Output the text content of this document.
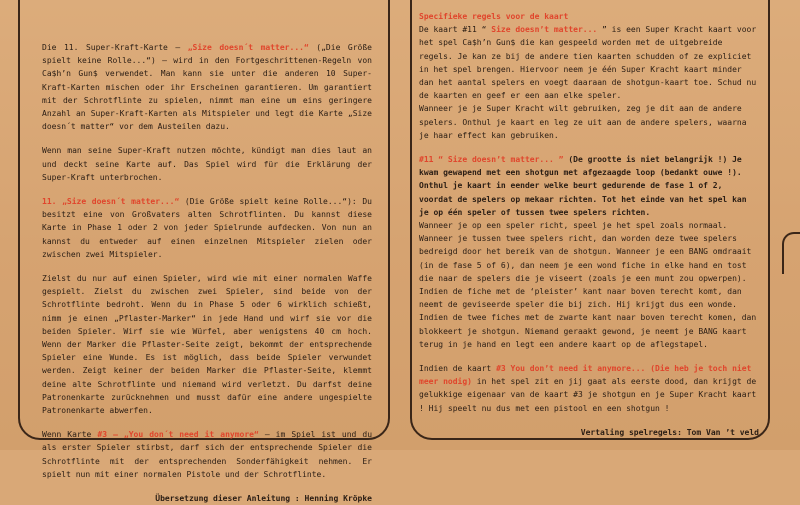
Die 11. Super-Kraft-Karte – „Size doesn´t matter...“ („Die Größe spielt keine Rolle...“) – wird in den Fortgeschrittenen-Regeln von Ca$h’n Gun$ verwendet. Man kann sie unter die anderen 10 Super-Kraft-Karten mischen oder ihr Erscheinen garantieren. Um garantiert mit der Schrotflinte zu spielen, nimmt man eine um eins geringere Anzahl an Super-Kraft-Karten als Mitspieler und legt die Karte „Size doesn´t matter“ vor dem Austeilen dazu.

Wenn man seine Super-Kraft nutzen möchte, kündigt man dies laut an und deckt seine Karte auf. Das Spiel wird für die Erklärung der Super-Kraft unterbrochen.

11. „Size doesn´t matter...“ (Die Größe spielt keine Rolle...“): Du besitzt eine von Großvaters alten Schrotflinten. Du kannst diese Karte in Phase 1 oder 2 von jeder Spielrunde aufdecken. Von nun an kannst du entweder auf einen einzelnen Mitspieler zielen oder zwischen zwei Mitspieler.

Zielst du nur auf einen Spieler, wird wie mit einer normalen Waffe gespielt. Zielst du zwischen zwei Spieler, sind beide von der Schrotflinte bedroht. Wenn du in Phase 5 oder 6 wirklich schießt, nimm je einen „Pflaster-Marker“ in jede Hand und wirf sie vor die beiden Spieler. Wirf sie wie Würfel, aber wenigstens 40 cm hoch. Wenn der Marker die Pflaster-Seite zeigt, bekommt der entsprechende Spieler eine Wunde. Es ist möglich, dass beide Spieler verwundet werden. Zeigt keiner der beiden Marker die Pflaster-Seite, klemmt deine alte Schrotflinte und niemand wird verletzt. Du darfst deine Patronenkarte zurücknehmen und musst dafür eine andere ungespielte Patronenkarte abwerfen.

Wenn Karte #3 – „You don´t need it anymore“ – im Spiel ist und du als erster Spieler stirbst, darf sich der entsprechende Spieler die Schrotflinte mit der entsprechenden Sonderfähigkeit nehmen. Er spielt nun mit einer normalen Pistole und der Schrotflinte.

Übersetzung dieser Anleitung : Henning Kröpke

Specifieke regels voor de kaart
De kaart #11 “ Size doesn’t matter... ” is een Super Kracht kaart voor het spel Ca$h’n Gun$ die kan gespeeld worden met de uitgebreide regels. Je kan ze bij de andere tien kaarten schudden of ze expliciet in het spel brengen. Hiervoor neem je één Super Kracht kaart minder dan het aantal spelers en voegt daaraan de shotgun-kaart toe. Schud nu de kaarten en geef er een aan elke speler.
Wanneer je je Super Kracht wilt gebruiken, zeg je dit aan de andere spelers. Onthul je kaart en leg ze uit aan de andere spelers, waarna je haar effect kan gebruiken.

#11 “ Size doesn’t matter... ” (De grootte is niet belangrijk !) Je kwam gewapend met een shotgun met afgezaagde loop (bedankt ouwe !). Onthul je kaart in eender welke beurt gedurende de fase 1 of 2, voordat de spelers op mekaar richten. Tot het einde van het spel kan je op één speler of tussen twee spelers richten.
Wanneer je op een speler richt, speel je het spel zoals normaal.
Wanneer je tussen twee spelers richt, dan worden deze twee spelers bedreigd door het bereik van de shotgun. Wanneer je een BANG omdraait (in de fase 5 of 6), dan neem je een wond fiche in elke hand en tost die naar de spelers die je viseert (zoals je een munt zou opwerpen). Indien de fiche met de ‘pleister’ kant naar boven terecht komt, dan neemt de geviseerde speler die bij zich. Hij krijgt dus een wonde. Indien de twee fiches met de zwarte kant naar boven terecht komen, dan blokkeert je shotgun. Niemand geraakt gewond, je neemt je BANG kaart terug in je hand en legt een andere kaart op de aflegstapel.

Indien de kaart #3 You don’t need it anymore... (Die heb je toch niet meer nodig) in het spel zit en jij gaat als eerste dood, dan krijgt de gelukkige eigenaar van de kaart #3 je shotgun en je Super Kracht kaart ! Hij speelt nu dus met een pistool en een shotgun !

Vertaling spelregels: Tom Van ’t veld
